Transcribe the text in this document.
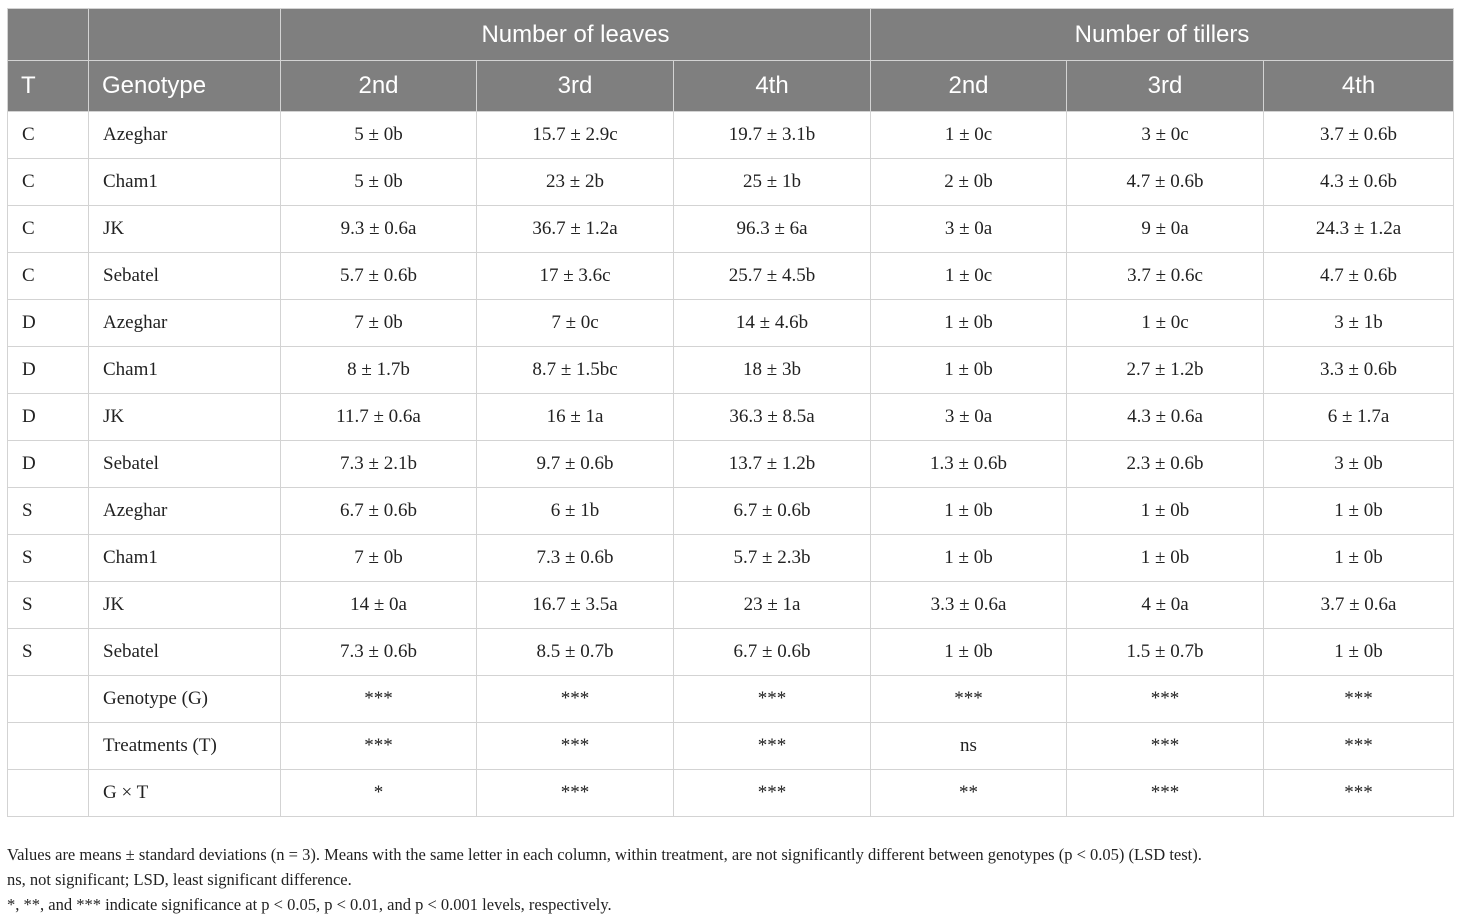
		Number of leaves			Number of tillers		
T	Genotype	2nd	3rd	4th	2nd	3rd	4th
C	Azeghar	5 ± 0b	15.7 ± 2.9c	19.7 ± 3.1b	1 ± 0c	3 ± 0c	3.7 ± 0.6b
C	Cham1	5 ± 0b	23 ± 2b	25 ± 1b	2 ± 0b	4.7 ± 0.6b	4.3 ± 0.6b
C	JK	9.3 ± 0.6a	36.7 ± 1.2a	96.3 ± 6a	3 ± 0a	9 ± 0a	24.3 ± 1.2a
C	Sebatel	5.7 ± 0.6b	17 ± 3.6c	25.7 ± 4.5b	1 ± 0c	3.7 ± 0.6c	4.7 ± 0.6b
D	Azeghar	7 ± 0b	7 ± 0c	14 ± 4.6b	1 ± 0b	1 ± 0c	3 ± 1b
D	Cham1	8 ± 1.7b	8.7 ± 1.5bc	18 ± 3b	1 ± 0b	2.7 ± 1.2b	3.3 ± 0.6b
D	JK	11.7 ± 0.6a	16 ± 1a	36.3 ± 8.5a	3 ± 0a	4.3 ± 0.6a	6 ± 1.7a
D	Sebatel	7.3 ± 2.1b	9.7 ± 0.6b	13.7 ± 1.2b	1.3 ± 0.6b	2.3 ± 0.6b	3 ± 0b
S	Azeghar	6.7 ± 0.6b	6 ± 1b	6.7 ± 0.6b	1 ± 0b	1 ± 0b	1 ± 0b
S	Cham1	7 ± 0b	7.3 ± 0.6b	5.7 ± 2.3b	1 ± 0b	1 ± 0b	1 ± 0b
S	JK	14 ± 0a	16.7 ± 3.5a	23 ± 1a	3.3 ± 0.6a	4 ± 0a	3.7 ± 0.6a
S	Sebatel	7.3 ± 0.6b	8.5 ± 0.7b	6.7 ± 0.6b	1 ± 0b	1.5 ± 0.7b	1 ± 0b
	Genotype (G)	***	***	***	***	***	***
	Treatments (T)	***	***	***	ns	***	***
	G × T	*	***	***	**	***	***
Values are means ± standard deviations (n = 3). Means with the same letter in each column, within treatment, are not significantly different between genotypes (p < 0.05) (LSD test).
ns, not significant; LSD, least significant difference.
*, **, and *** indicate significance at p < 0.05, p < 0.01, and p < 0.001 levels, respectively.
